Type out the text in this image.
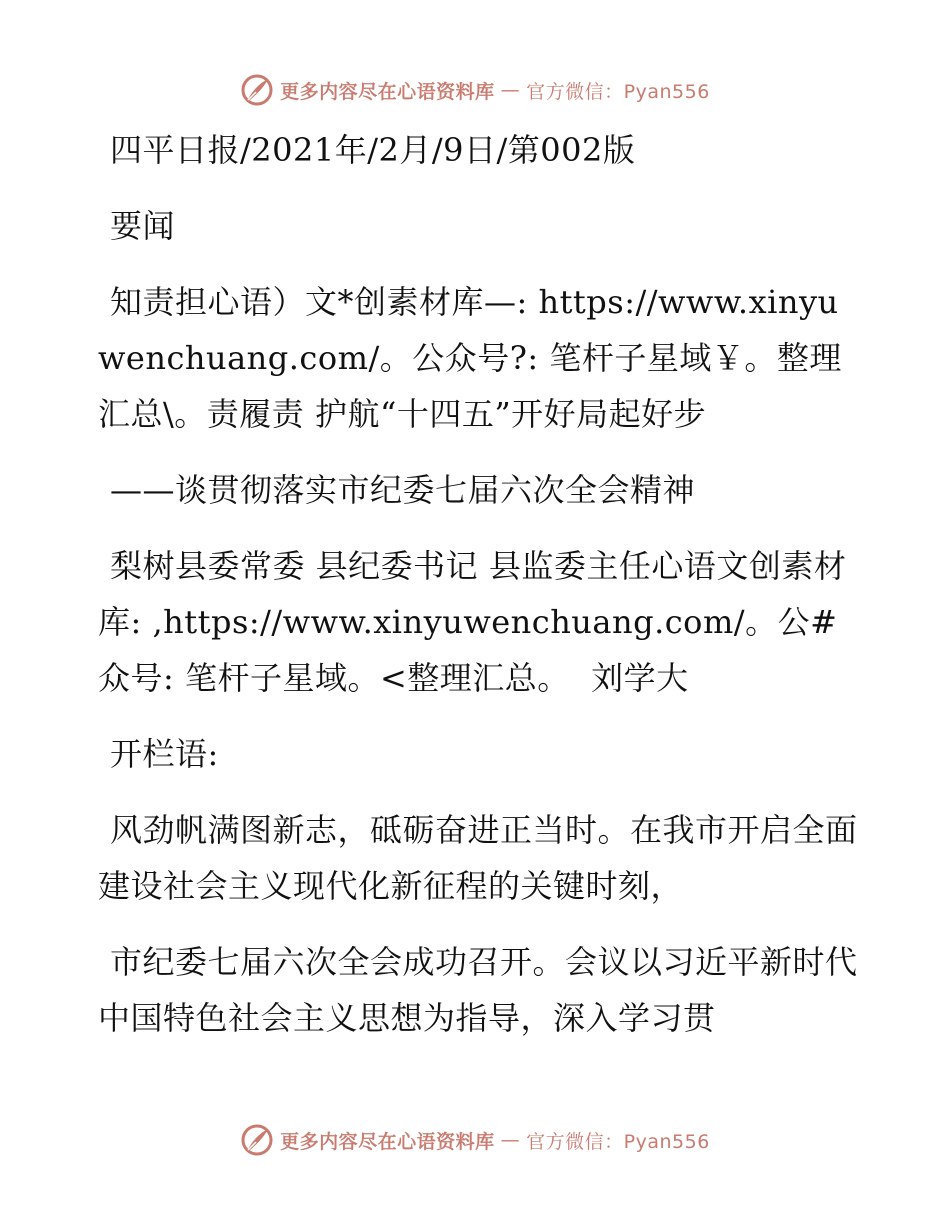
更多内容尽在心语资料库 — 官方微信：Pyan556

四平日报/2021年/2月/9日/第002版

要闻

知责担心语）文*创素材库—: https://www.xinyuwenchuang.com/。公众号?: 笔杆子星域￥。整理汇总\。责履责 护航“十四五”开好局起好步

——谈贯彻落实市纪委七届六次全会精神

梨树县委常委 县纪委书记 县监委主任心语文创素材库: ,https://www.xinyuwenchuang.com/。公#众号: 笔杆子星域。<整理汇总。  刘学大

开栏语:

风劲帆满图新志，砥砺奋进正当时。在我市开启全面建设社会主义现代化新征程的关键时刻，

市纪委七届六次全会成功召开。会议以习近平新时代中国特色社会主义思想为指导，深入学习贯

更多内容尽在心语资料库 — 官方微信：Pyan556
